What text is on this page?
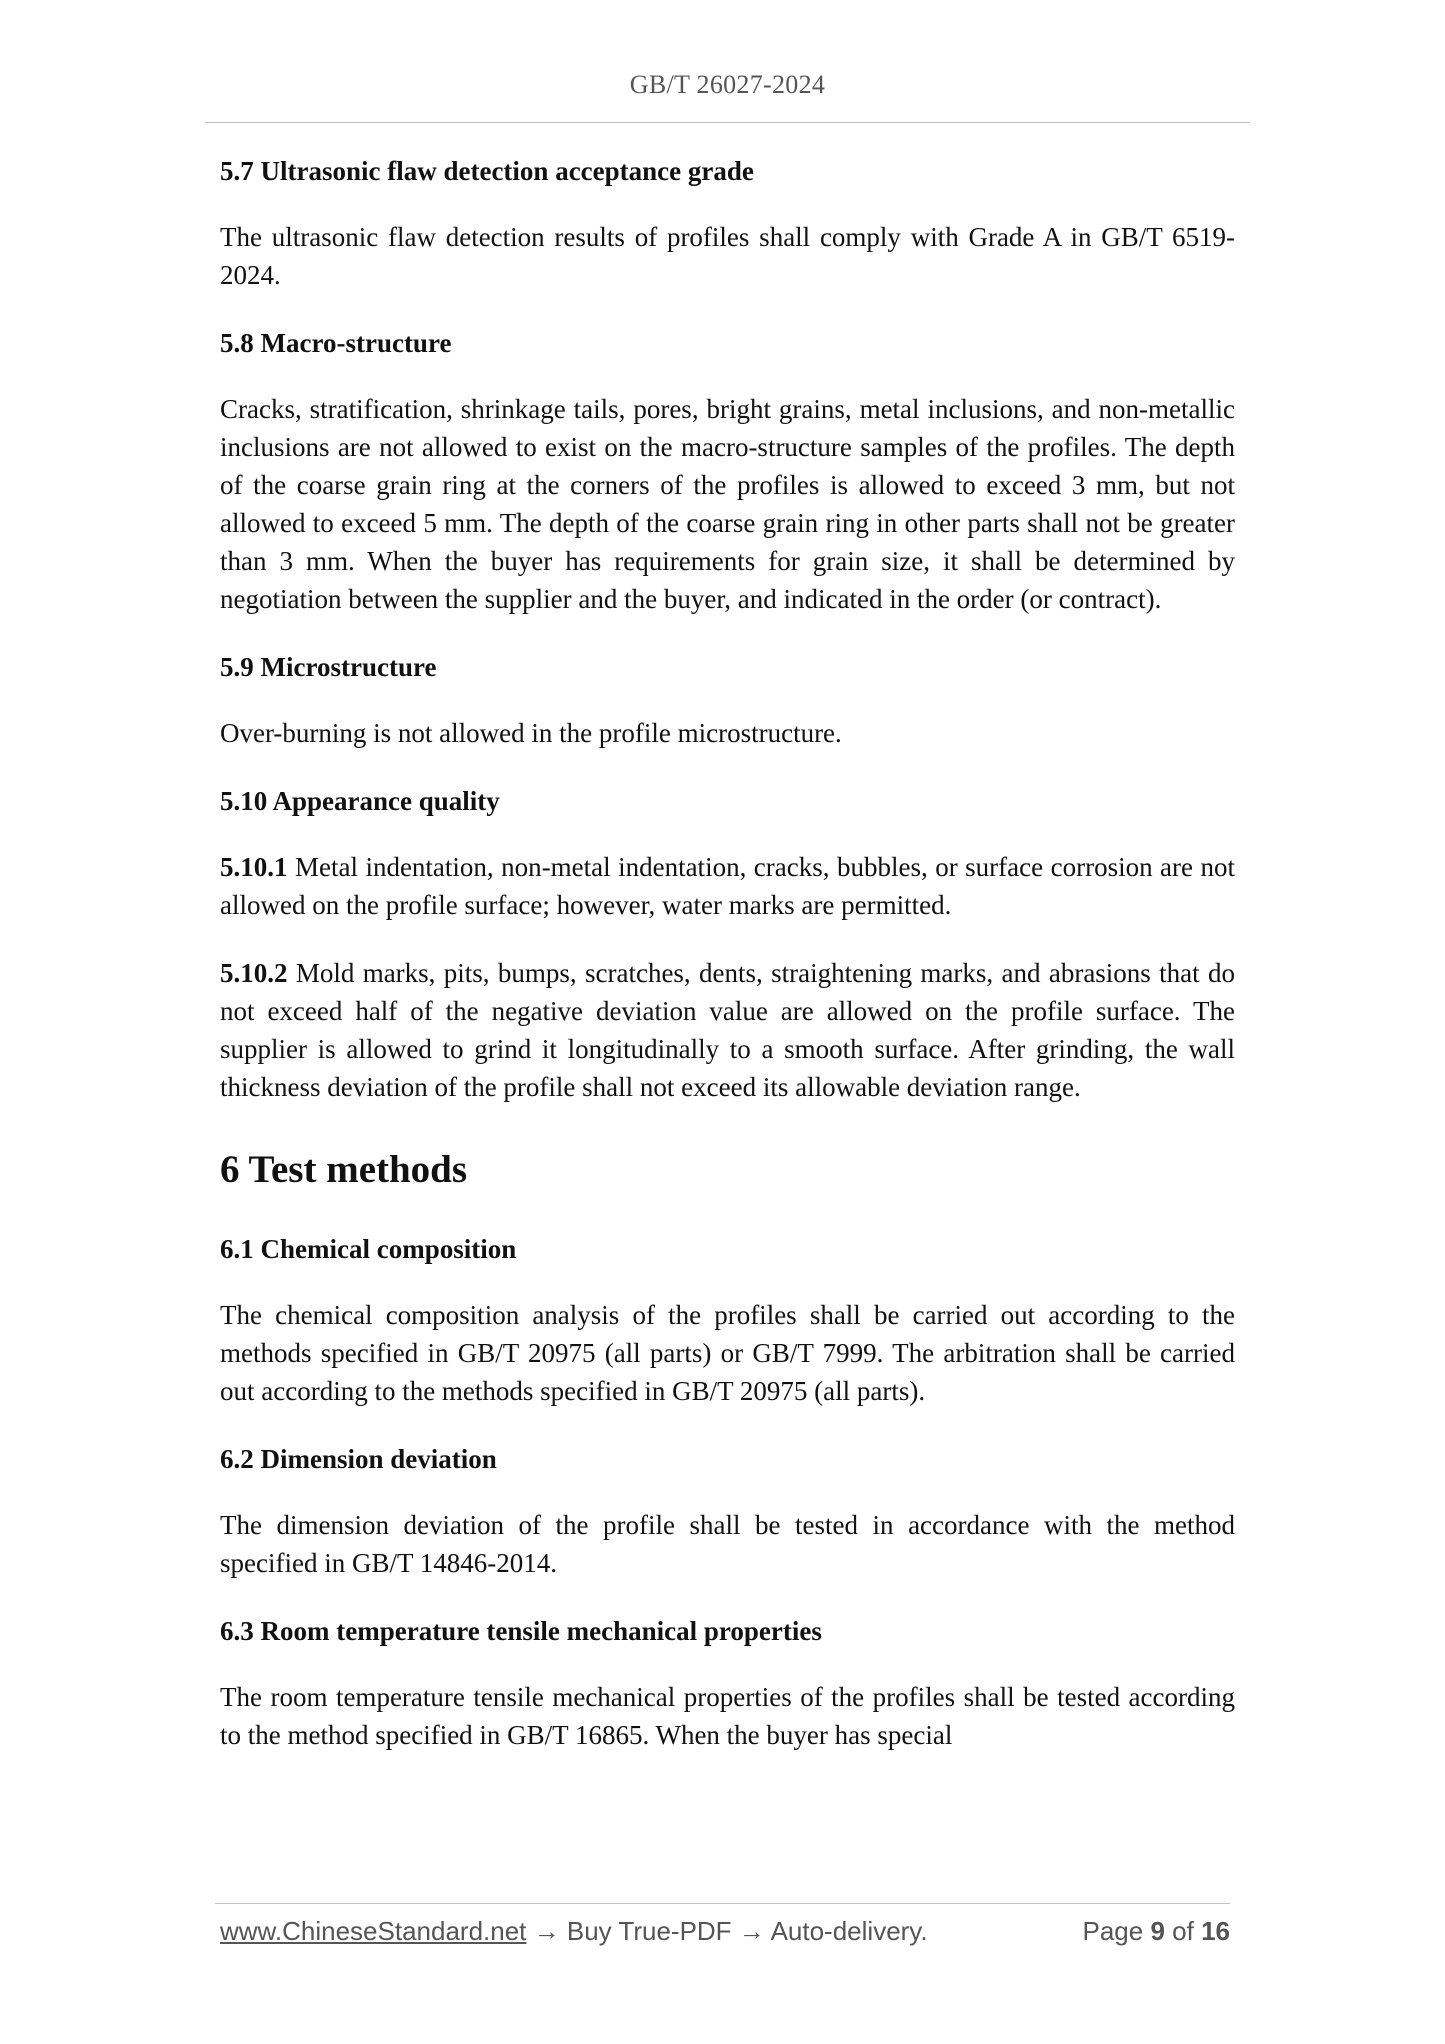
GB/T 26027-2024
5.7 Ultrasonic flaw detection acceptance grade
The ultrasonic flaw detection results of profiles shall comply with Grade A in GB/T 6519-2024.
5.8 Macro-structure
Cracks, stratification, shrinkage tails, pores, bright grains, metal inclusions, and non-metallic inclusions are not allowed to exist on the macro-structure samples of the profiles. The depth of the coarse grain ring at the corners of the profiles is allowed to exceed 3 mm, but not allowed to exceed 5 mm. The depth of the coarse grain ring in other parts shall not be greater than 3 mm. When the buyer has requirements for grain size, it shall be determined by negotiation between the supplier and the buyer, and indicated in the order (or contract).
5.9 Microstructure
Over-burning is not allowed in the profile microstructure.
5.10 Appearance quality
5.10.1 Metal indentation, non-metal indentation, cracks, bubbles, or surface corrosion are not allowed on the profile surface; however, water marks are permitted.
5.10.2 Mold marks, pits, bumps, scratches, dents, straightening marks, and abrasions that do not exceed half of the negative deviation value are allowed on the profile surface. The supplier is allowed to grind it longitudinally to a smooth surface. After grinding, the wall thickness deviation of the profile shall not exceed its allowable deviation range.
6 Test methods
6.1 Chemical composition
The chemical composition analysis of the profiles shall be carried out according to the methods specified in GB/T 20975 (all parts) or GB/T 7999. The arbitration shall be carried out according to the methods specified in GB/T 20975 (all parts).
6.2 Dimension deviation
The dimension deviation of the profile shall be tested in accordance with the method specified in GB/T 14846-2014.
6.3 Room temperature tensile mechanical properties
The room temperature tensile mechanical properties of the profiles shall be tested according to the method specified in GB/T 16865. When the buyer has special
www.ChineseStandard.net → Buy True-PDF → Auto-delivery.	Page 9 of 16
